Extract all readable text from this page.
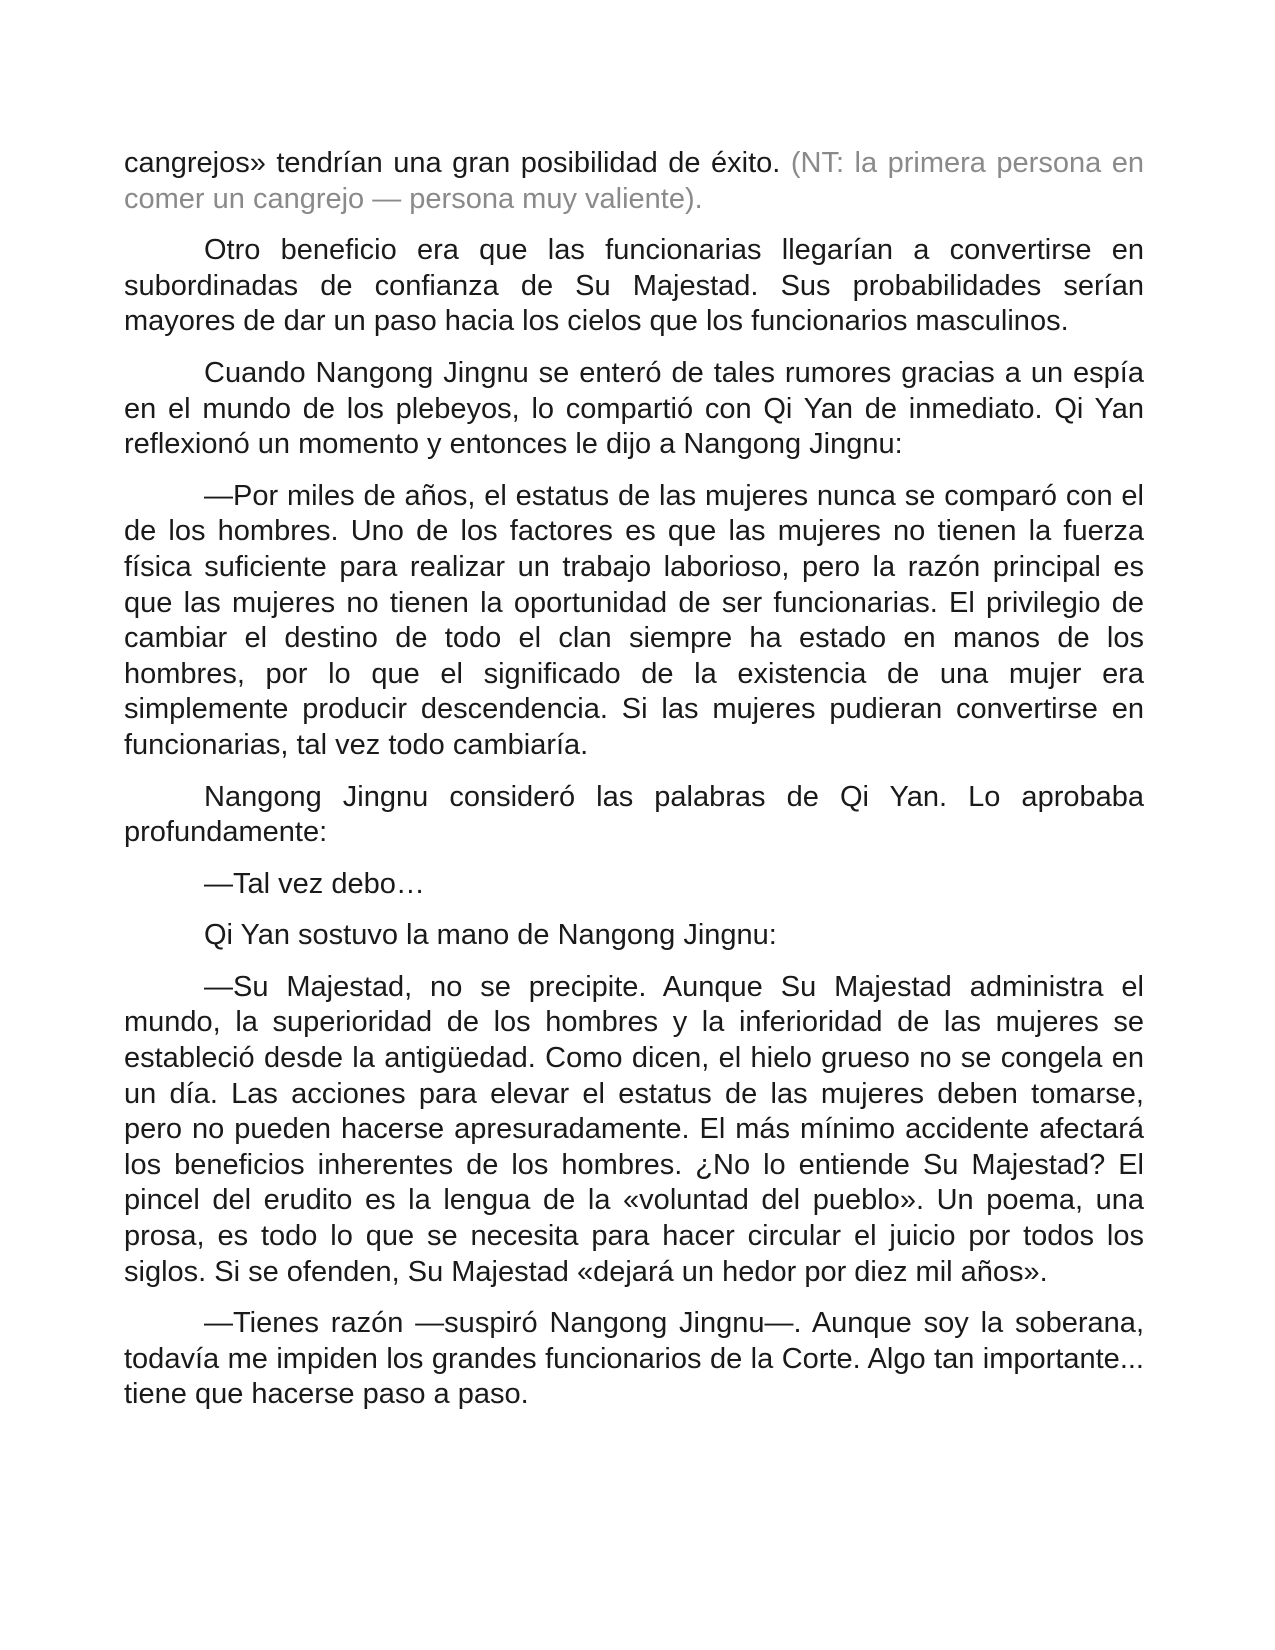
cangrejos» tendrían una gran posibilidad de éxito. (NT: la primera persona en comer un cangrejo — persona muy valiente).

Otro beneficio era que las funcionarias llegarían a convertirse en subordinadas de confianza de Su Majestad. Sus probabilidades serían mayores de dar un paso hacia los cielos que los funcionarios masculinos.

Cuando Nangong Jingnu se enteró de tales rumores gracias a un espía en el mundo de los plebeyos, lo compartió con Qi Yan de inmediato. Qi Yan reflexionó un momento y entonces le dijo a Nangong Jingnu:

—Por miles de años, el estatus de las mujeres nunca se comparó con el de los hombres. Uno de los factores es que las mujeres no tienen la fuerza física suficiente para realizar un trabajo laborioso, pero la razón principal es que las mujeres no tienen la oportunidad de ser funcionarias. El privilegio de cambiar el destino de todo el clan siempre ha estado en manos de los hombres, por lo que el significado de la existencia de una mujer era simplemente producir descendencia. Si las mujeres pudieran convertirse en funcionarias, tal vez todo cambiaría.

Nangong Jingnu consideró las palabras de Qi Yan. Lo aprobaba profundamente:

—Tal vez debo…

Qi Yan sostuvo la mano de Nangong Jingnu:

—Su Majestad, no se precipite. Aunque Su Majestad administra el mundo, la superioridad de los hombres y la inferioridad de las mujeres se estableció desde la antigüedad. Como dicen, el hielo grueso no se congela en un día. Las acciones para elevar el estatus de las mujeres deben tomarse, pero no pueden hacerse apresuradamente. El más mínimo accidente afectará los beneficios inherentes de los hombres. ¿No lo entiende Su Majestad? El pincel del erudito es la lengua de la «voluntad del pueblo». Un poema, una prosa, es todo lo que se necesita para hacer circular el juicio por todos los siglos. Si se ofenden, Su Majestad «dejará un hedor por diez mil años».

—Tienes razón —suspiró Nangong Jingnu—. Aunque soy la soberana, todavía me impiden los grandes funcionarios de la Corte. Algo tan importante... tiene que hacerse paso a paso.
